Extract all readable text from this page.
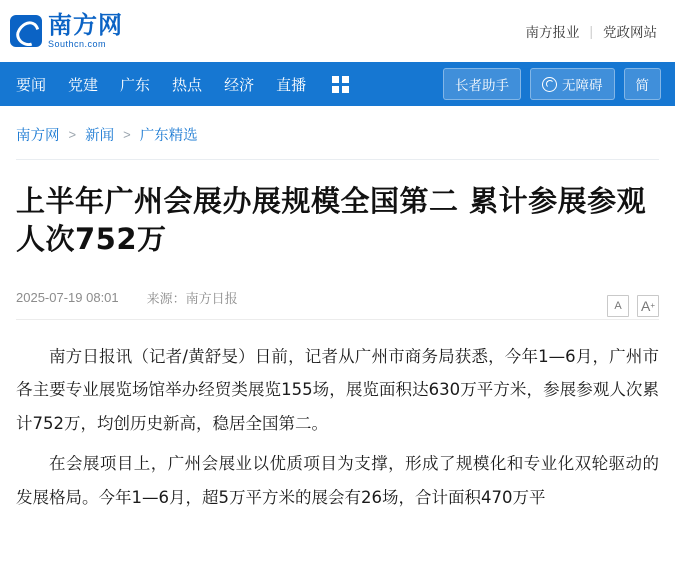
南方网
Southcn.com
南方报业 | 党政网站
要闻 党建 广东 热点 经济 直播	长者助手	无障碍	简
南方网 > 新闻 > 广东精选
上半年广州会展办展规模全国第二 累计参展参观人次752万
2025-07-19 08:01 来源：南方日报	A	A +

南方日报讯（记者/黄舒旻）日前，记者从广州市商务局获悉，今年1—6月，广州市各主要专业展览场馆举办经贸类展览155场，展览面积达630万平方米，参展参观人次累计752万，均创历史新高，稳居全国第二。

在会展项目上，广州会展业以优质项目为支撑，形成了规模化和专业化双轮驱动的发展格局。今年1—6月，超5万平方米的展会有26场，合计面积470万平
